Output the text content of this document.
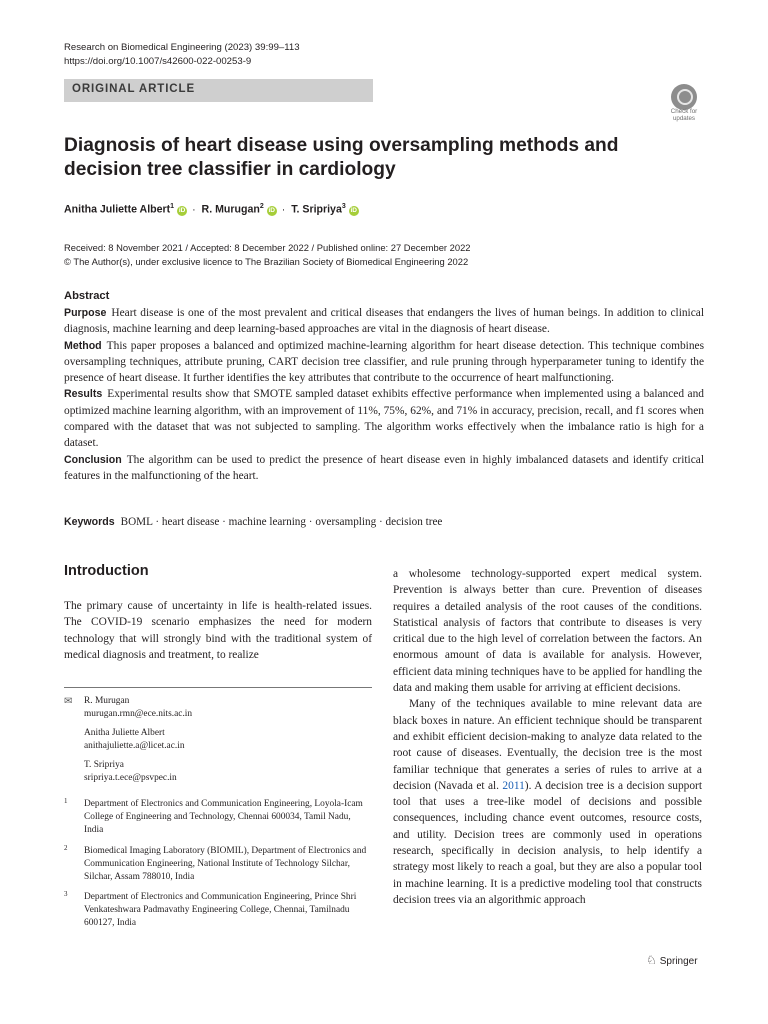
Research on Biomedical Engineering (2023) 39:99–113
https://doi.org/10.1007/s42600-022-00253-9
ORIGINAL ARTICLE
Check for updates
Diagnosis of heart disease using oversampling methods and decision tree classifier in cardiology
Anitha Juliette Albert$^1$iD · R. Murugan$^2$iD · T. Sripriya$^3$iD
Received: 8 November 2021 / Accepted: 8 December 2022 / Published online: 27 December 2022
© The Author(s), under exclusive licence to The Brazilian Society of Biomedical Engineering 2022
Abstract

Purpose Heart disease is one of the most prevalent and critical diseases that endangers the lives of human beings. In addition to clinical diagnosis, machine learning and deep learning-based approaches are vital in the diagnosis of heart disease.

Method This paper proposes a balanced and optimized machine-learning algorithm for heart disease detection. This technique combines oversampling techniques, attribute pruning, CART decision tree classifier, and rule pruning through hyperparameter tuning to identify the presence of heart disease. It further identifies the key attributes that contribute to the occurrence of heart malfunctioning.

Results Experimental results show that SMOTE sampled dataset exhibits effective performance when implemented using a balanced and optimized machine learning algorithm, with an improvement of 11%, 75%, 62%, and 71% in accuracy, precision, recall, and f1 scores when compared with the dataset that was not subjected to sampling. The algorithm works effectively when the imbalance ratio is high for a dataset.

Conclusion The algorithm can be used to predict the presence of heart disease even in highly imbalanced datasets and identify critical features in the malfunctioning of the heart.

Keywords BOML · heart disease · machine learning · oversampling · decision tree
Introduction
The primary cause of uncertainty in life is health-related issues. The COVID-19 scenario emphasizes the need for modern technology that will strongly bind with the traditional system of medical diagnosis and treatment, to realize
✉ R. Murugan
murugan.rmn@ece.nits.ac.in
Anitha Juliette Albert
anithajuliette.a@licet.ac.in
T. Sripriya
sripriya.t.ece@psvpec.in
1 Department of Electronics and Communication Engineering, Loyola-Icam College of Engineering and Technology, Chennai 600034, Tamil Nadu, India
2 Biomedical Imaging Laboratory (BIOMIL), Department of Electronics and Communication Engineering, National Institute of Technology Silchar, Silchar, Assam 788010, India
3 Department of Electronics and Communication Engineering, Prince Shri Venkateshwara Padmavathy Engineering College, Chennai, Tamilnadu 600127, India

a wholesome technology-supported expert medical system. Prevention is always better than cure. Prevention of diseases requires a detailed analysis of the root causes of the conditions. Statistical analysis of factors that contribute to diseases is very critical due to the high level of correlation between the factors. An enormous amount of data is available for analysis. However, efficient data mining techniques have to be applied for handling the data and making them usable for arriving at efficient decisions.

Many of the techniques available to mine relevant data are black boxes in nature. An efficient technique should be transparent and exhibit efficient decision-making to analyze data related to the root cause of diseases. Eventually, the decision tree is the most familiar technique that generates a series of rules to arrive at a decision (Navada et al. 2011). A decision tree is a decision support tool that uses a tree-like model of decisions and possible consequences, including chance event outcomes, resource costs, and utility. Decision trees are commonly used in operations research, specifically in decision analysis, to help identify a strategy most likely to reach a goal, but they are also a popular tool in machine learning. It is a predictive modeling tool that constructs decision trees via an algorithmic approach

♘ Springer
